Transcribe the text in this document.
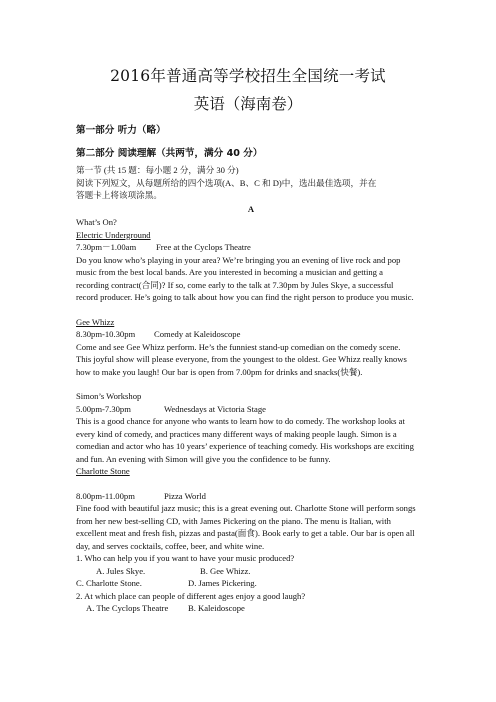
2016年普通高等学校招生全国统一考试
英语（海南卷）
第一部分 听力（略）
第二部分 阅读理解（共两节，满分 40 分）
第一节 (共 15 题：每小题 2 分，满分 30 分)
阅读下列短文，从每题所给的四个选项(A、B、C 和 D)中，选出最佳选项，并在
答题卡上将该项涂黑。
A
What’s On?
Electric Underground
7.30pm－1.00am Free at the Cyclops Theatre
Do you know who’s playing in your area? We’re bringing you an evening of live rock and pop
music from the best local bands. Are you interested in becoming a musician and getting a
recording contract(合同)? If so, come early to the talk at 7.30pm by Jules Skye, a successful
record producer. He’s going to talk about how you can find the right person to produce you music.
Gee Whizz
8.30pm-10.30pm Comedy at Kaleidoscope
Come and see Gee Whizz perform. He’s the funniest stand-up comedian on the comedy scene.
This joyful show will please everyone, from the youngest to the oldest. Gee Whizz really knows
how to make you laugh! Our bar is open from 7.00pm for drinks and snacks(快餐).
Simon’s Workshop
5.00pm-7.30pm	Wednesdays at Victoria Stage
This is a good chance for anyone who wants to learn how to do comedy. The workshop looks at
every kind of comedy, and practices many different ways of making people laugh. Simon is a
comedian and actor who has 10 years’ experience of teaching comedy. His workshops are exciting
and fun. An evening with Simon will give you the confidence to be funny.
Charlotte Stone
8.00pm-11.00pm	Pizza World
Fine food with beautiful jazz music; this is a great evening out. Charlotte Stone will perform songs
from her new best-selling CD, with James Pickering on the piano. The menu is Italian, with
excellent meat and fresh fish, pizzas and pasta(面食). Book early to get a table. Our bar is open all
day, and serves cocktails, coffee, beer, and white wine.
1. Who can help you if you want to have your music produced?
A. Jules Skye.	B. Gee Whizz.
C. Charlotte Stone.	D. James Pickering.
2. At which place can people of different ages enjoy a good laugh?
A. The Cyclops Theatre B. Kaleidoscope
